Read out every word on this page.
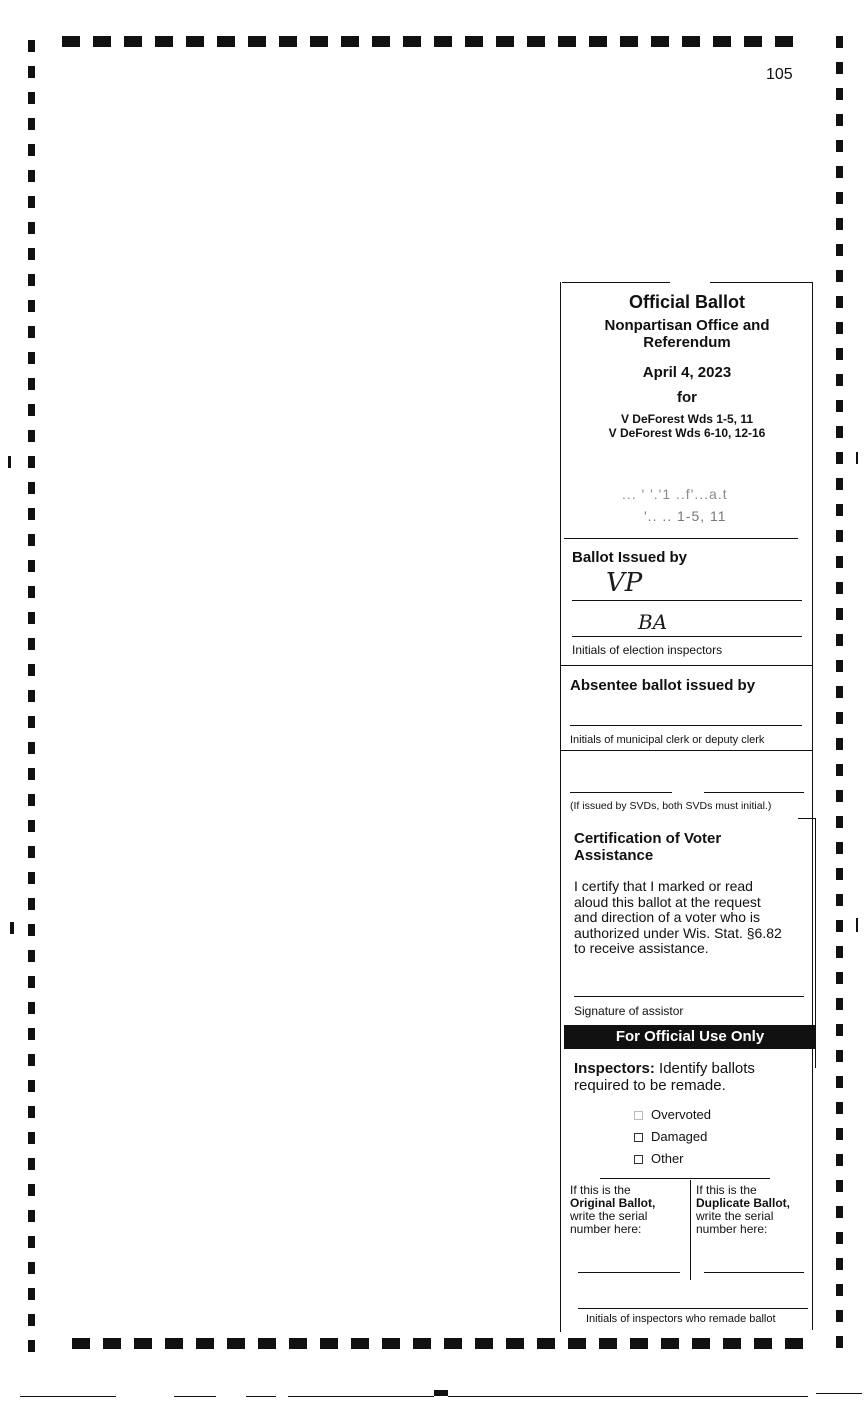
105
Official Ballot
Nonpartisan Office and
Referendum
April 4, 2023
for
V DeForest Wds 1-5, 11
V DeForest Wds 6-10, 12-16
... ' '.'1 ..f'...a.t
'.. .. 1-5, 11
Ballot Issued by
VP
BA
Initials of election inspectors
Absentee ballot issued by
Initials of municipal clerk or deputy clerk
(If issued by SVDs, both SVDs must initial.)
Certification of Voter
Assistance
I certify that I marked or read
aloud this ballot at the request
and direction of a voter who is
authorized under Wis. Stat. §6.82
to receive assistance.
Signature of assistor
For Official Use Only
Inspectors: Identify ballots
required to be remade.
Overvoted
Damaged
Other
If this is the
Original Ballot,
write the serial
number here:
If this is the
Duplicate Ballot,
write the serial
number here:
Initials of inspectors who remade ballot
